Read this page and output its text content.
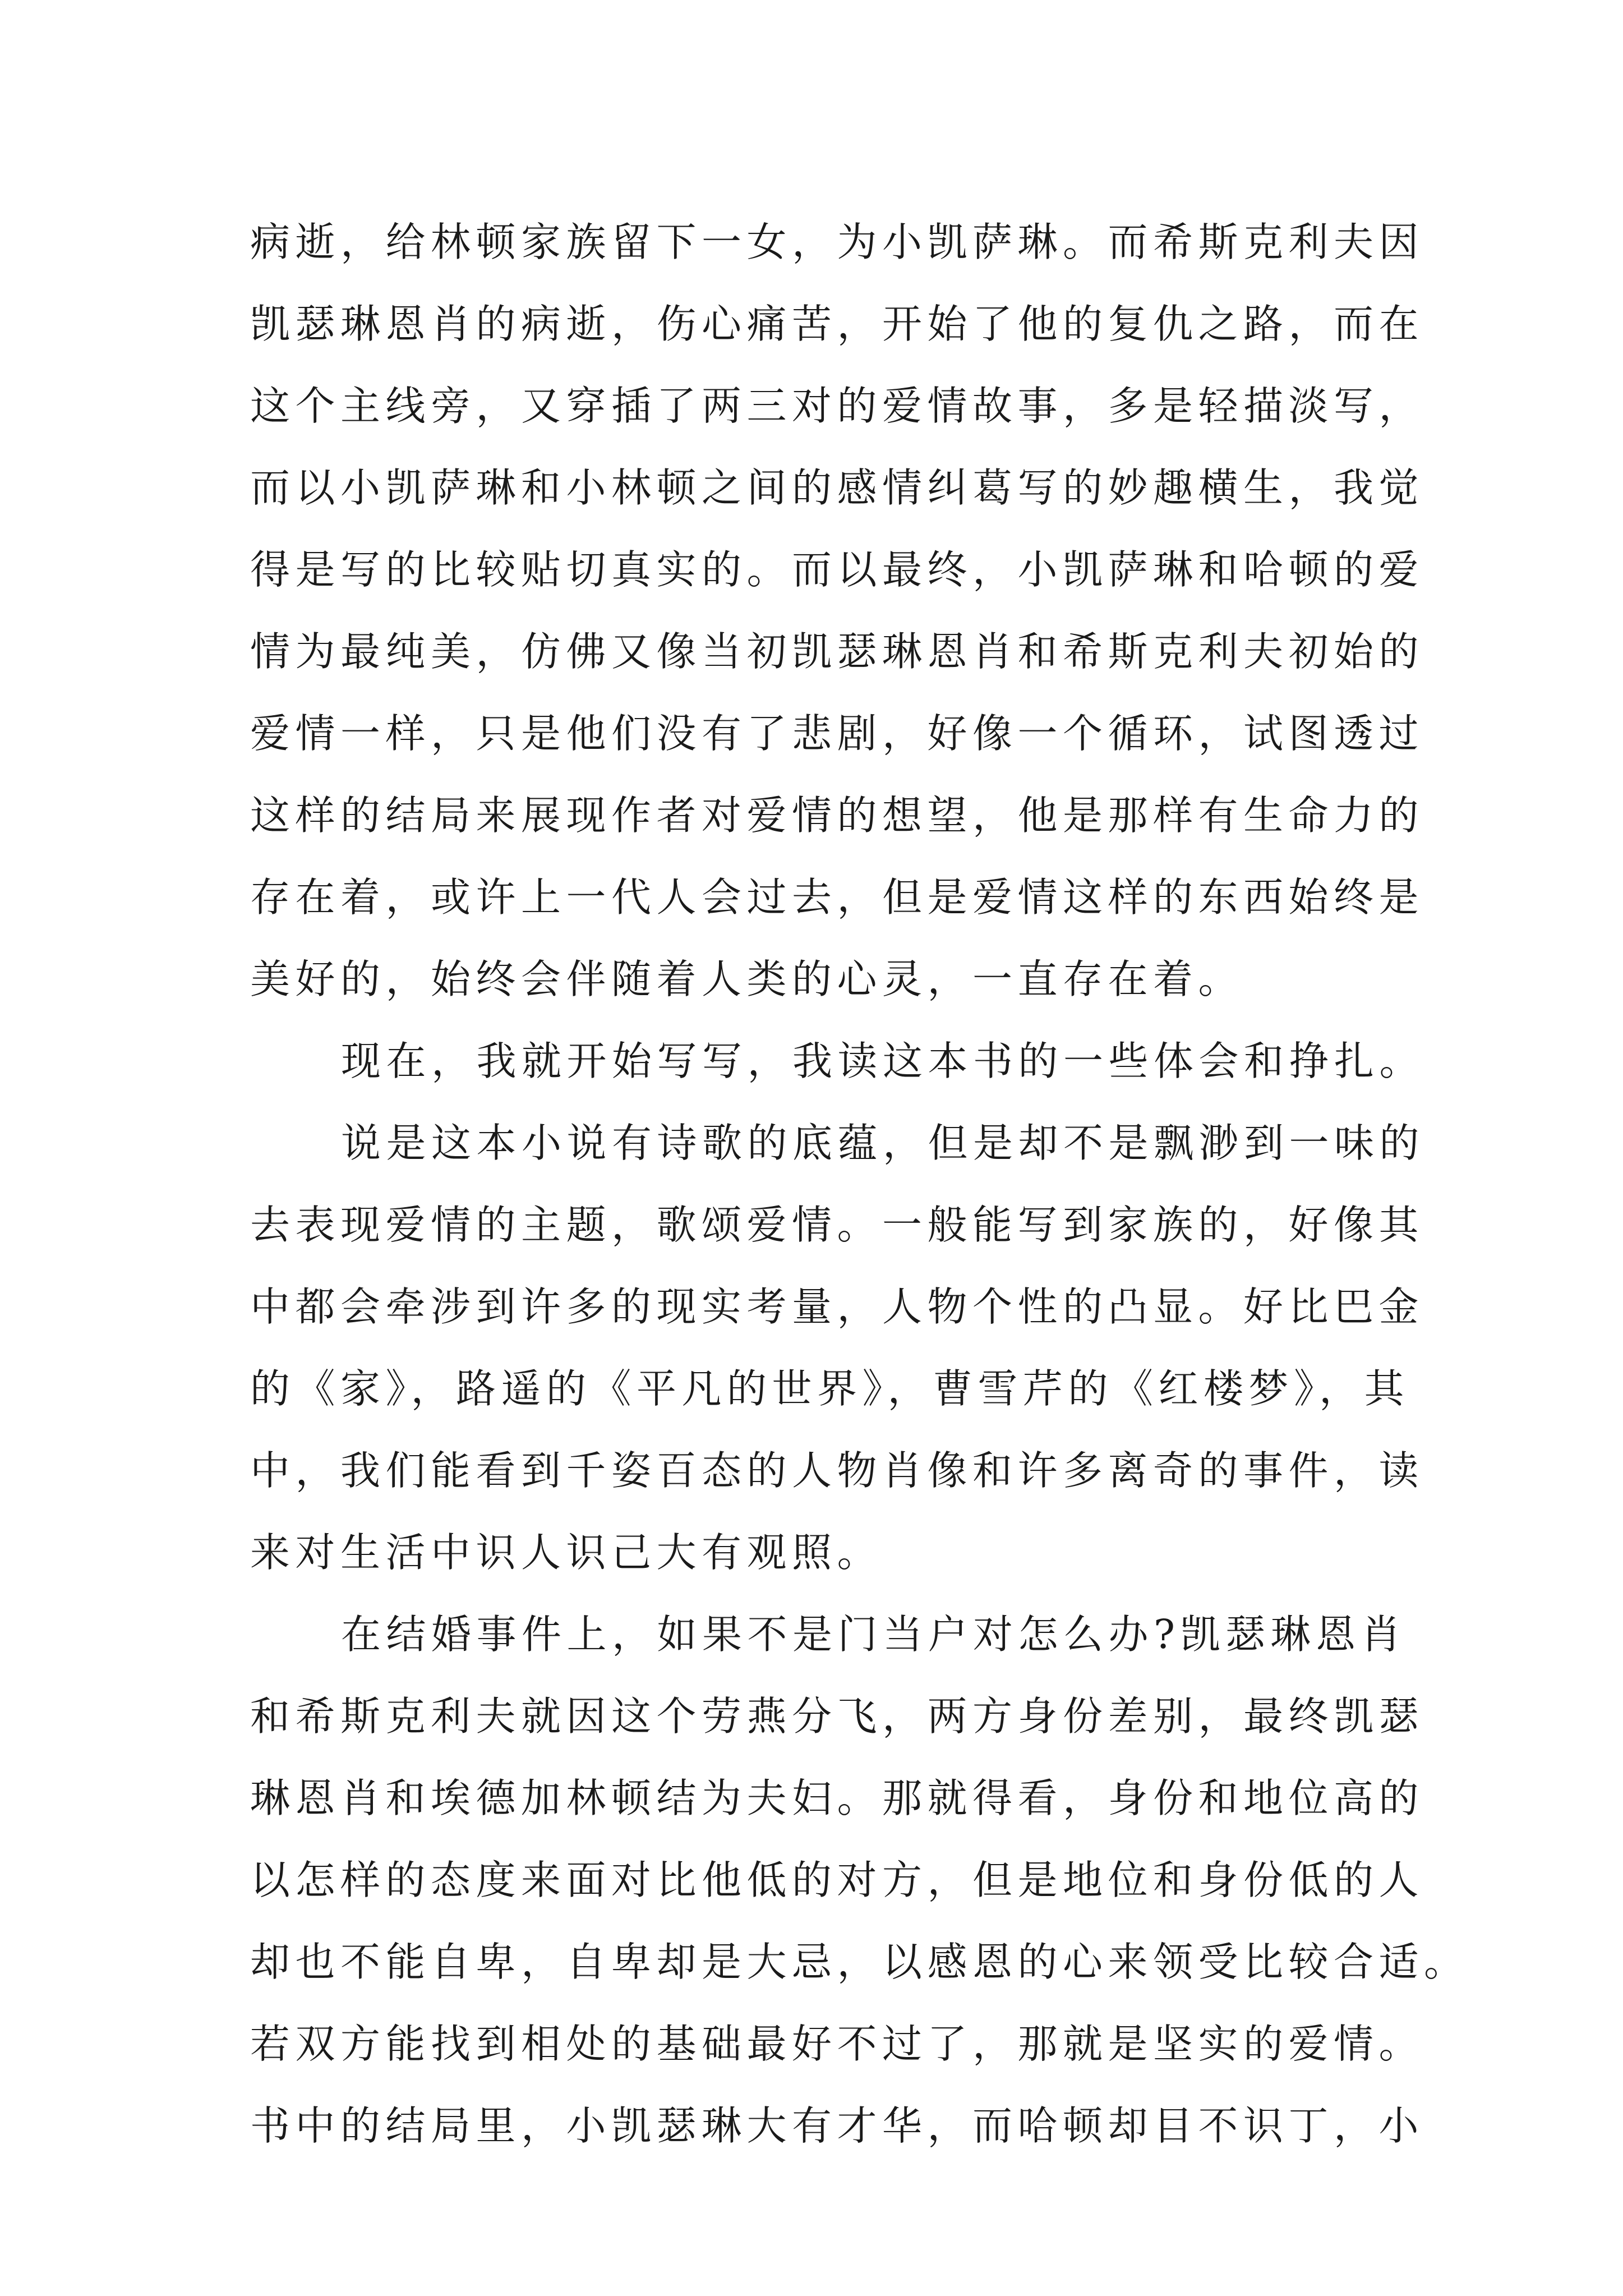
病逝，给林顿家族留下一女，为小凯萨琳。而希斯克利夫因
凯瑟琳恩肖的病逝，伤心痛苦，开始了他的复仇之路，而在
这个主线旁，又穿插了两三对的爱情故事，多是轻描淡写，
而以小凯萨琳和小林顿之间的感情纠葛写的妙趣横生，我觉
得是写的比较贴切真实的。而以最终，小凯萨琳和哈顿的爱
情为最纯美，仿佛又像当初凯瑟琳恩肖和希斯克利夫初始的
爱情一样，只是他们没有了悲剧，好像一个循环，试图透过
这样的结局来展现作者对爱情的想望，他是那样有生命力的
存在着，或许上一代人会过去，但是爱情这样的东西始终是
美好的，始终会伴随着人类的心灵，一直存在着。
现在，我就开始写写，我读这本书的一些体会和挣扎。
说是这本小说有诗歌的底蕴，但是却不是飘渺到一味的
去表现爱情的主题，歌颂爱情。一般能写到家族的，好像其
中都会牵涉到许多的现实考量，人物个性的凸显。好比巴金
的《家》，路遥的《平凡的世界》，曹雪芹的《红楼梦》，其
中，我们能看到千姿百态的人物肖像和许多离奇的事件，读
来对生活中识人识己大有观照。
在结婚事件上，如果不是门当户对怎么办?凯瑟琳恩肖
和希斯克利夫就因这个劳燕分飞，两方身份差别，最终凯瑟
琳恩肖和埃德加林顿结为夫妇。那就得看，身份和地位高的
以怎样的态度来面对比他低的对方，但是地位和身份低的人
却也不能自卑，自卑却是大忌，以感恩的心来领受比较合适。
若双方能找到相处的基础最好不过了，那就是坚实的爱情。
书中的结局里，小凯瑟琳大有才华，而哈顿却目不识丁，小
